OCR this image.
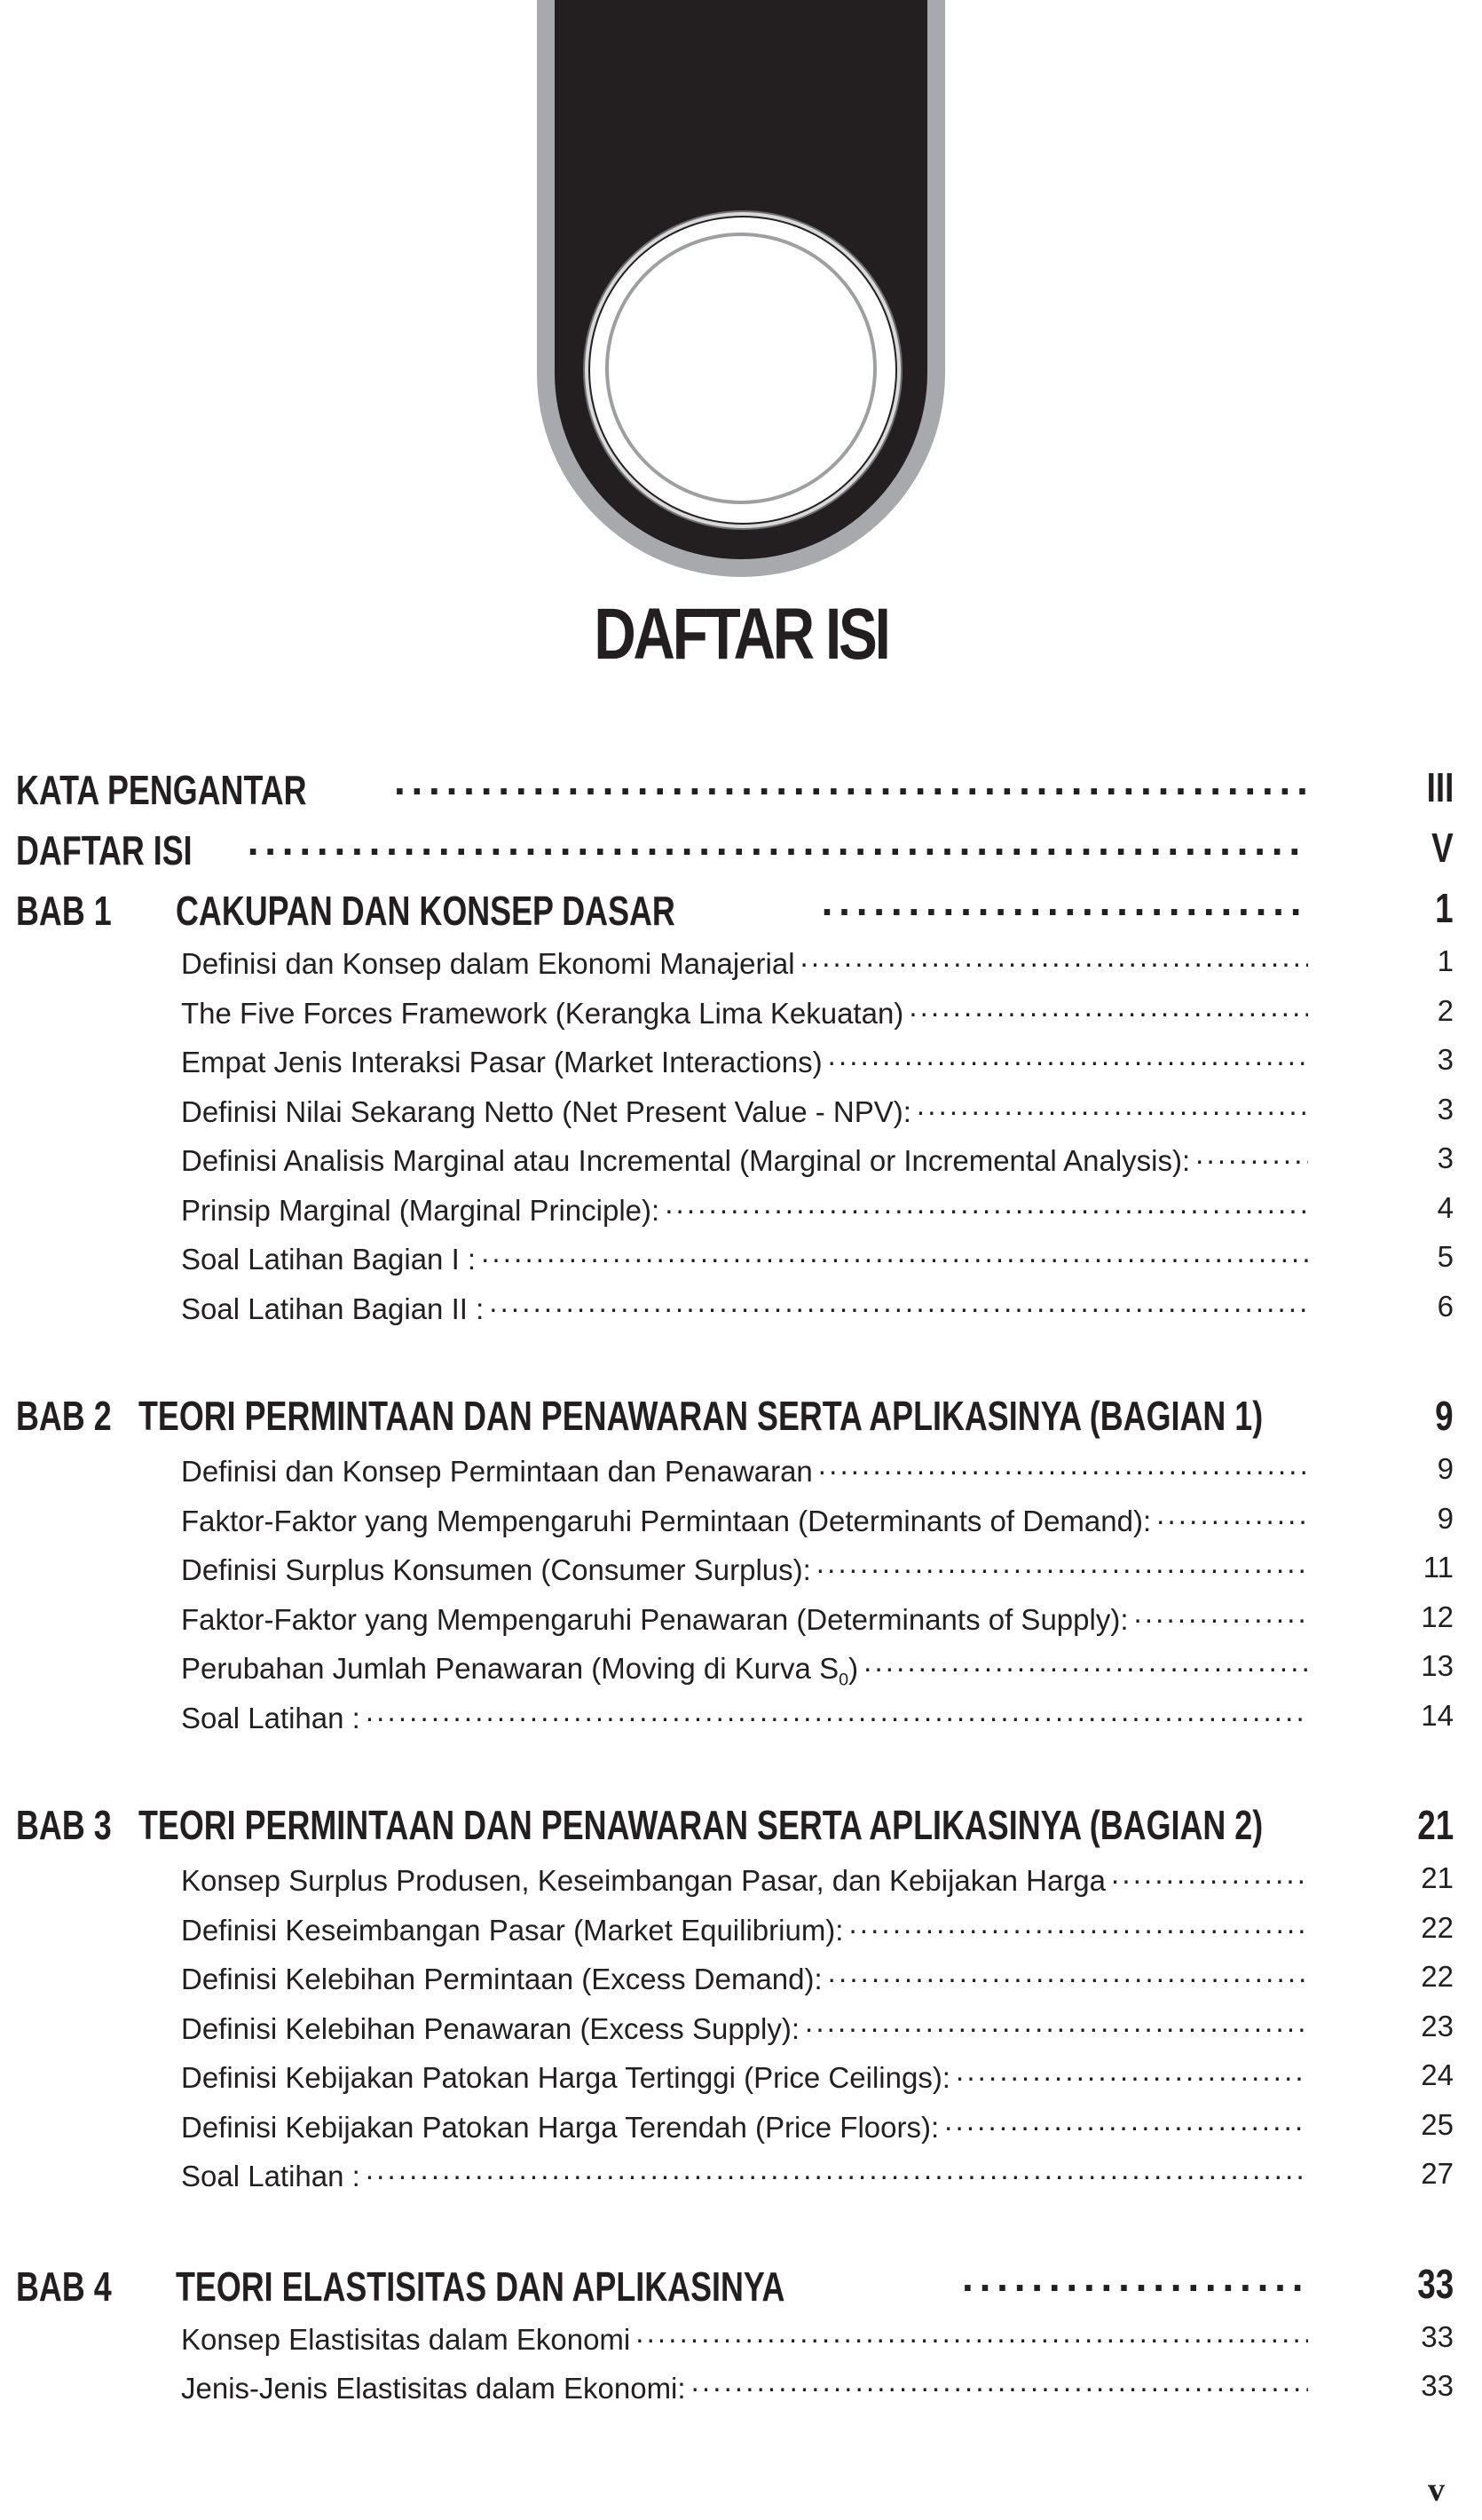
DAFTAR ISI
KATA PENGANTAR . . .	III
DAFTAR ISI . . .	V
BAB 1	CAKUPAN DAN KONSEP DASAR . . .	1
Definisi dan Konsep dalam Ekonomi Manajerial . . .	1
The Five Forces Framework (Kerangka Lima Kekuatan) . . .	2
Empat Jenis Interaksi Pasar (Market Interactions) . . .	3
Definisi Nilai Sekarang Netto (Net Present Value - NPV): . . .	3
Definisi Analisis Marginal atau Incremental (Marginal or Incremental Analysis): . . .	3
Prinsip Marginal (Marginal Principle): . . .	4
Soal Latihan Bagian I : . . .	5
Soal Latihan Bagian II : . . .	6
BAB 2 TEORI PERMINTAAN DAN PENAWARAN SERTA APLIKASINYA (BAGIAN 1)	9
Definisi dan Konsep Permintaan dan Penawaran . . .	9
Faktor-Faktor yang Mempengaruhi Permintaan (Determinants of Demand): . . .	9
Definisi Surplus Konsumen (Consumer Surplus): . . .	11
Faktor-Faktor yang Mempengaruhi Penawaran (Determinants of Supply): . . .	12
Perubahan Jumlah Penawaran (Moving di Kurva $S_0$) . . .	13
Soal Latihan : . . .	14
BAB 3 TEORI PERMINTAAN DAN PENAWARAN SERTA APLIKASINYA (BAGIAN 2)	21
Konsep Surplus Produsen, Keseimbangan Pasar, dan Kebijakan Harga . . .	21
Definisi Keseimbangan Pasar (Market Equilibrium): . . .	22
Definisi Kelebihan Permintaan (Excess Demand): . . .	22
Definisi Kelebihan Penawaran (Excess Supply): . . .	23
Definisi Kebijakan Patokan Harga Tertinggi (Price Ceilings): . . .	24
Definisi Kebijakan Patokan Harga Terendah (Price Floors): . . .	25
Soal Latihan : . . .	27
BAB 4	TEORI ELASTISITAS DAN APLIKASINYA . . .	33
Konsep Elastisitas dalam Ekonomi . . .	33
Jenis-Jenis Elastisitas dalam Ekonomi: . . .	33
v
